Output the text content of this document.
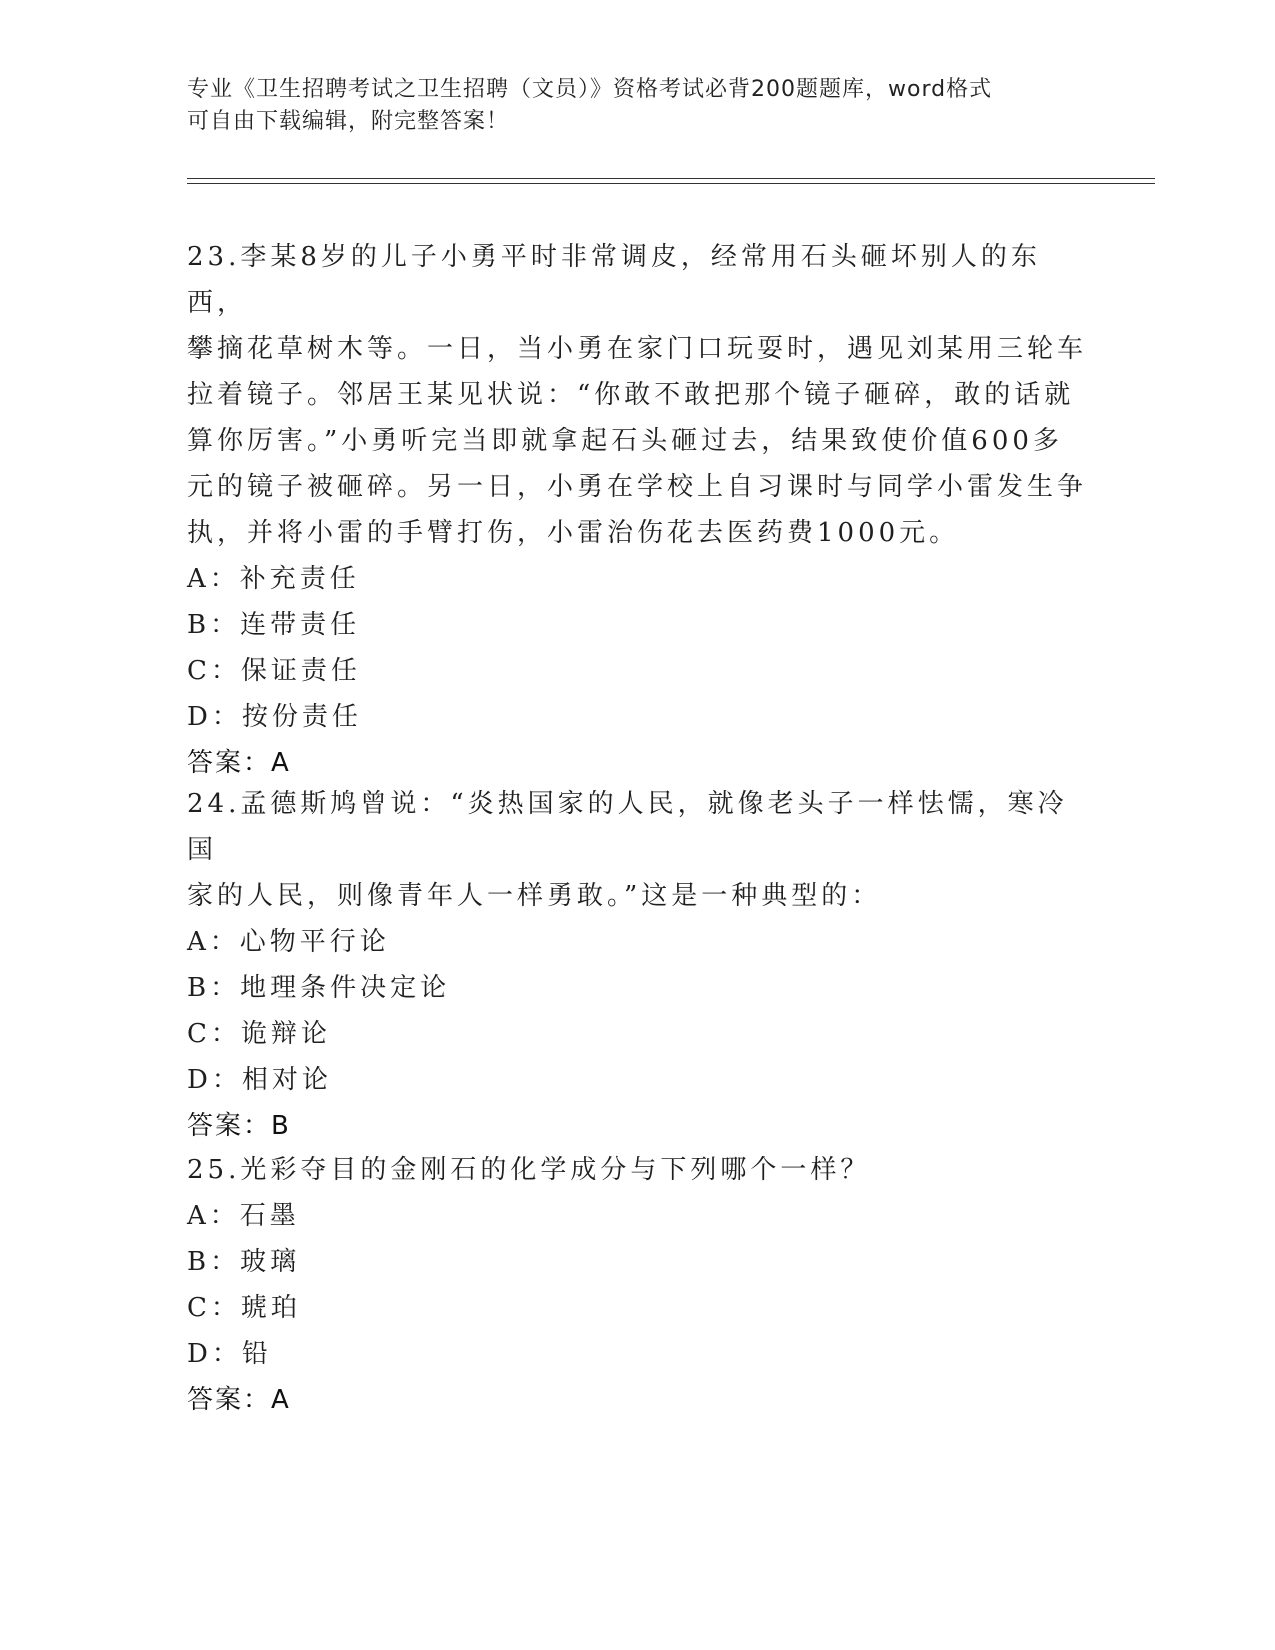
专业《卫生招聘考试之卫生招聘（文员）》资格考试必背200题题库，word格式
可自由下载编辑，附完整答案！
23.李某8岁的儿子小勇平时非常调皮，经常用石头砸坏别人的东西，
攀摘花草树木等。一日，当小勇在家门口玩耍时，遇见刘某用三轮车
拉着镜子。邻居王某见状说：“你敢不敢把那个镜子砸碎，敢的话就
算你厉害。”小勇听完当即就拿起石头砸过去，结果致使价值600多
元的镜子被砸碎。另一日，小勇在学校上自习课时与同学小雷发生争
执，并将小雷的手臂打伤，小雷治伤花去医药费1000元。
A：补充责任
B：连带责任
C：保证责任
D：按份责任
答案：A
24.孟德斯鸠曾说：“炎热国家的人民，就像老头子一样怯懦，寒冷国
家的人民，则像青年人一样勇敢。”这是一种典型的：
A：心物平行论
B：地理条件决定论
C：诡辩论
D：相对论
答案：B
25.光彩夺目的金刚石的化学成分与下列哪个一样？
A：石墨
B：玻璃
C：琥珀
D：铅
答案：A
